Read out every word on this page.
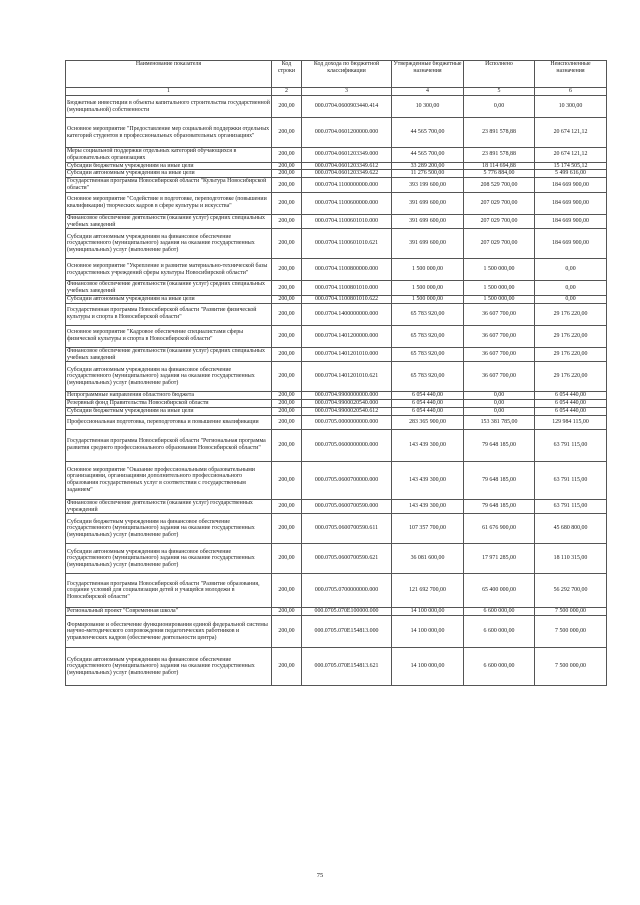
Наименование показателя	Код строки	Код дохода по бюджетной классификации	Утвержденные бюджетные назначения	Исполнено	Неисполненные назначения
1	2	3	4	5	6
Бюджетные инвестиции в объекты капитального строительства государственной (муниципальной) собственности	200,00	000.0704.0600903440.414	10 300,00	0,00	10 300,00
Основное мероприятие "Предоставление мер социальной поддержки отдельных категорий студентов в профессиональных образовательных организациях"	200,00	000.0704.0601200000.000	44 565 700,00	23 891 578,88	20 674 121,12
Меры социальной поддержки отдельных категорий обучающихся в образовательных организациях	200,00	000.0704.0601203349.000	44 565 700,00	23 891 578,88	20 674 121,12
Субсидии бюджетным учреждениям на иные цели	200,00	000.0704.0601203349.612	33 289 200,00	18 114 694,88	15 174 505,12
Субсидии автономным учреждениям на иные цели	200,00	000.0704.0601203349.622	11 276 500,00	5 776 884,00	5 499 616,00
Государственная программа Новосибирской области "Культура Новосибирской области"	200,00	000.0704.1100000000.000	393 199 600,00	208 529 700,00	184 669 900,00
Основное мероприятие "Содействие в подготовке, переподготовке (повышении квалификации) творческих кадров в сфере культуры и искусства"	200,00	000.0704.1100600000.000	391 699 600,00	207 029 700,00	184 669 900,00
Финансовое обеспечение деятельности (оказание услуг) средних специальных учебных заведений	200,00	000.0704.1100601010.000	391 699 600,00	207 029 700,00	184 669 900,00
Субсидии автономным учреждениям на финансовое обеспечение государственного (муниципального) задания на оказание государственных (муниципальных) услуг (выполнение работ)	200,00	000.0704.1100601010.621	391 699 600,00	207 029 700,00	184 669 900,00
Основное мероприятие "Укрепление и развитие материально-технической базы государственных учреждений сферы культуры Новосибирской области"	200,00	000.0704.1100800000.000	1 500 000,00	1 500 000,00	0,00
Финансовое обеспечение деятельности (оказание услуг) средних специальных учебных заведений	200,00	000.0704.1100801010.000	1 500 000,00	1 500 000,00	0,00
Субсидии автономным учреждениям на иные цели	200,00	000.0704.1100801010.622	1 500 000,00	1 500 000,00	0,00
Государственная программа Новосибирской области "Развитие физической культуры и спорта в Новосибирской области"	200,00	000.0704.1400000000.000	65 783 920,00	36 607 700,00	29 176 220,00
Основное мероприятие "Кадровое обеспечение специалистами сферы физической культуры и спорта в Новосибирской области"	200,00	000.0704.1401200000.000	65 783 920,00	36 607 700,00	29 176 220,00
Финансовое обеспечение деятельности (оказание услуг) средних специальных учебных заведений	200,00	000.0704.1401201010.000	65 783 920,00	36 607 700,00	29 176 220,00
Субсидии автономным учреждениям на финансовое обеспечение государственного (муниципального) задания на оказание государственных (муниципальных) услуг (выполнение работ)	200,00	000.0704.1401201010.621	65 783 920,00	36 607 700,00	29 176 220,00
Непрограммные направления областного бюджета	200,00	000.0704.9900000000.000	6 054 440,00	0,00	6 054 440,00
Резервный фонд Правительства Новосибирской области	200,00	000.0704.9900020540.000	6 054 440,00	0,00	6 054 440,00
Субсидии бюджетным учреждениям на иные цели	200,00	000.0704.9900020540.612	6 054 440,00	0,00	6 054 440,00
Профессиональная подготовка, переподготовка и повышение квалификации	200,00	000.0705.0000000000.000	283 365 900,00	153 381 785,00	129 984 115,00
Государственная программа Новосибирской области "Региональная программа развития среднего профессионального образования Новосибирской области"	200,00	000.0705.0600000000.000	143 439 300,00	79 648 185,00	63 791 115,00
Основное мероприятие "Оказание профессиональными образовательными организациями, организациями дополнительного профессионального образования государственных услуг в соответствии с государственным заданием"	200,00	000.0705.0600700000.000	143 439 300,00	79 648 185,00	63 791 115,00
Финансовое обеспечение деятельности (оказание услуг) государственных учреждений	200,00	000.0705.0600700590.000	143 439 300,00	79 648 185,00	63 791 115,00
Субсидии бюджетным учреждениям на финансовое обеспечение государственного (муниципального) задания на оказание государственных (муниципальных) услуг (выполнение работ)	200,00	000.0705.0600700590.611	107 357 700,00	61 676 900,00	45 680 800,00
Субсидии автономным учреждениям на финансовое обеспечение государственного (муниципального) задания на оказание государственных (муниципальных) услуг (выполнение работ)	200,00	000.0705.0600700590.621	36 081 600,00	17 971 285,00	18 110 315,00
Государственная программа Новосибирской области "Развитие образования, создание условий для социализации детей и учащейся молодежи в Новосибирской области"	200,00	000.0705.0700000000.000	121 692 700,00	65 400 000,00	56 292 700,00
Региональный проект "Современная школа"	200,00	000.0705.070E100000.000	14 100 000,00	6 600 000,00	7 500 000,00
Формирование и обеспечение функционирования единой федеральной системы научно-методического сопровождения педагогических работников и управленческих кадров (обеспечение деятельности центра)	200,00	000.0705.070E154813.000	14 100 000,00	6 600 000,00	7 500 000,00
Субсидии автономным учреждениям на финансовое обеспечение государственного (муниципального) задания на оказание государственных (муниципальных) услуг (выполнение работ)	200,00	000.0705.070E154813.621	14 100 000,00	6 600 000,00	7 500 000,00
75
